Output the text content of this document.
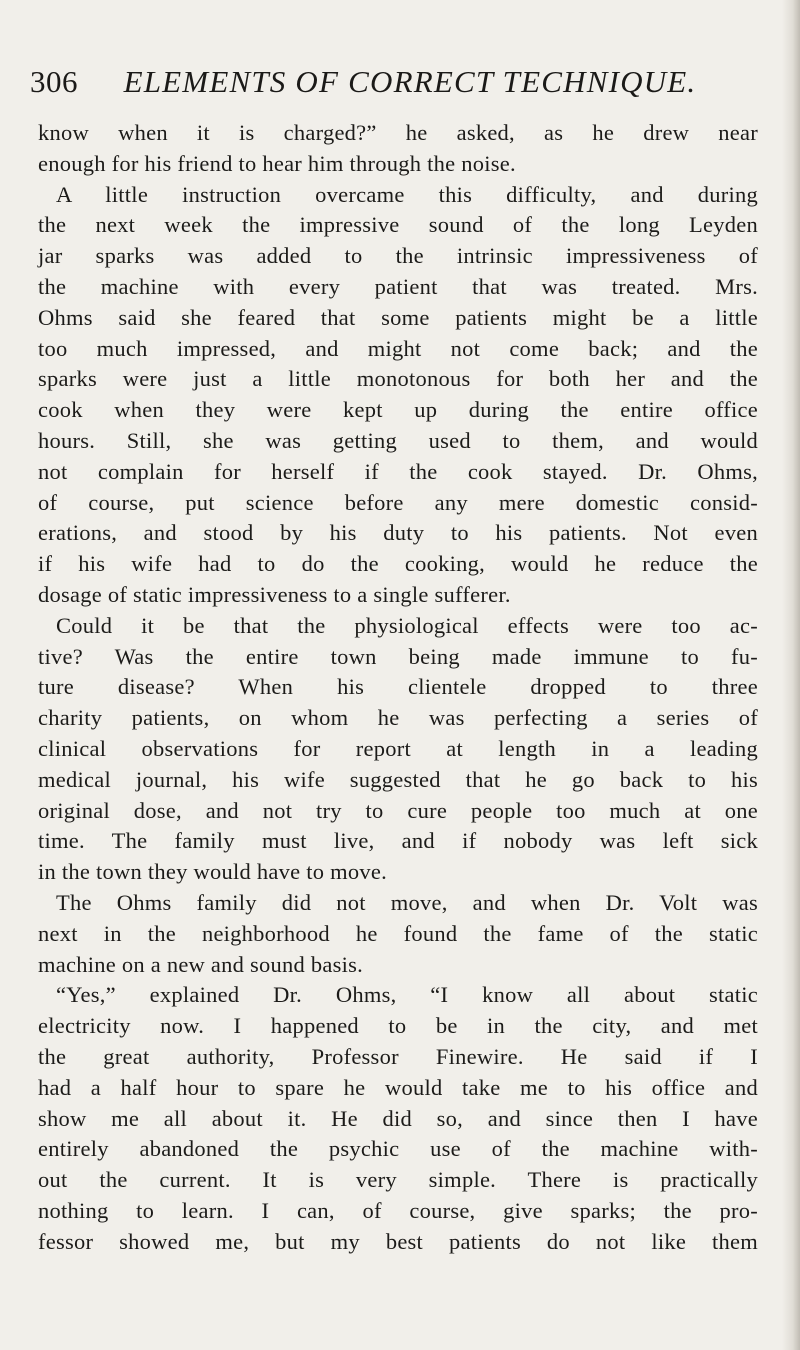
306	ELEMENTS OF CORRECT TECHNIQUE.
know when it is charged?” he asked, as he drew near
enough for his friend to hear him through the noise.
A little instruction overcame this difficulty, and during
the next week the impressive sound of the long Leyden
jar sparks was added to the intrinsic impressiveness of
the machine with every patient that was treated. Mrs.
Ohms said she feared that some patients might be a little
too much impressed, and might not come back; and the
sparks were just a little monotonous for both her and the
cook when they were kept up during the entire office
hours. Still, she was getting used to them, and would
not complain for herself if the cook stayed. Dr. Ohms,
of course, put science before any mere domestic consid-
erations, and stood by his duty to his patients. Not even
if his wife had to do the cooking, would he reduce the
dosage of static impressiveness to a single sufferer.
Could it be that the physiological effects were too ac-
tive? Was the entire town being made immune to fu-
ture disease? When his clientele dropped to three
charity patients, on whom he was perfecting a series of
clinical observations for report at length in a leading
medical journal, his wife suggested that he go back to his
original dose, and not try to cure people too much at one
time. The family must live, and if nobody was left sick
in the town they would have to move.
The Ohms family did not move, and when Dr. Volt was
next in the neighborhood he found the fame of the static
machine on a new and sound basis.
“Yes,” explained Dr. Ohms, “I know all about static
electricity now. I happened to be in the city, and met
the great authority, Professor Finewire. He said if I
had a half hour to spare he would take me to his office and
show me all about it. He did so, and since then I have
entirely abandoned the psychic use of the machine with-
out the current. It is very simple. There is practically
nothing to learn. I can, of course, give sparks; the pro-
fessor showed me, but my best patients do not like them
